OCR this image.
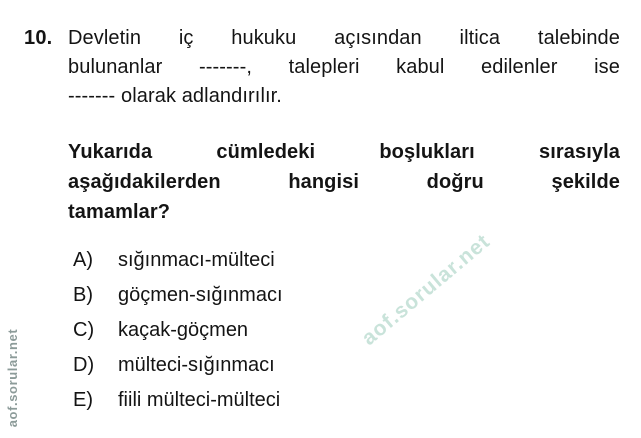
10. Devletin iç hukuku açısından iltica talebinde
bulunanlar -------, talepleri kabul edilenler ise
------- olarak adlandırılır.
Yukarıda cümledeki boşlukları sırasıyla
aşağıdakilerden hangisi doğru şekilde
tamamlar?
A)	sığınmacı-mülteci
B)	göçmen-sığınmacı
C)	kaçak-göçmen
D)	mülteci-sığınmacı
E)	fiili mülteci-mülteci
aof.sorular.net
aof.sorular.net
